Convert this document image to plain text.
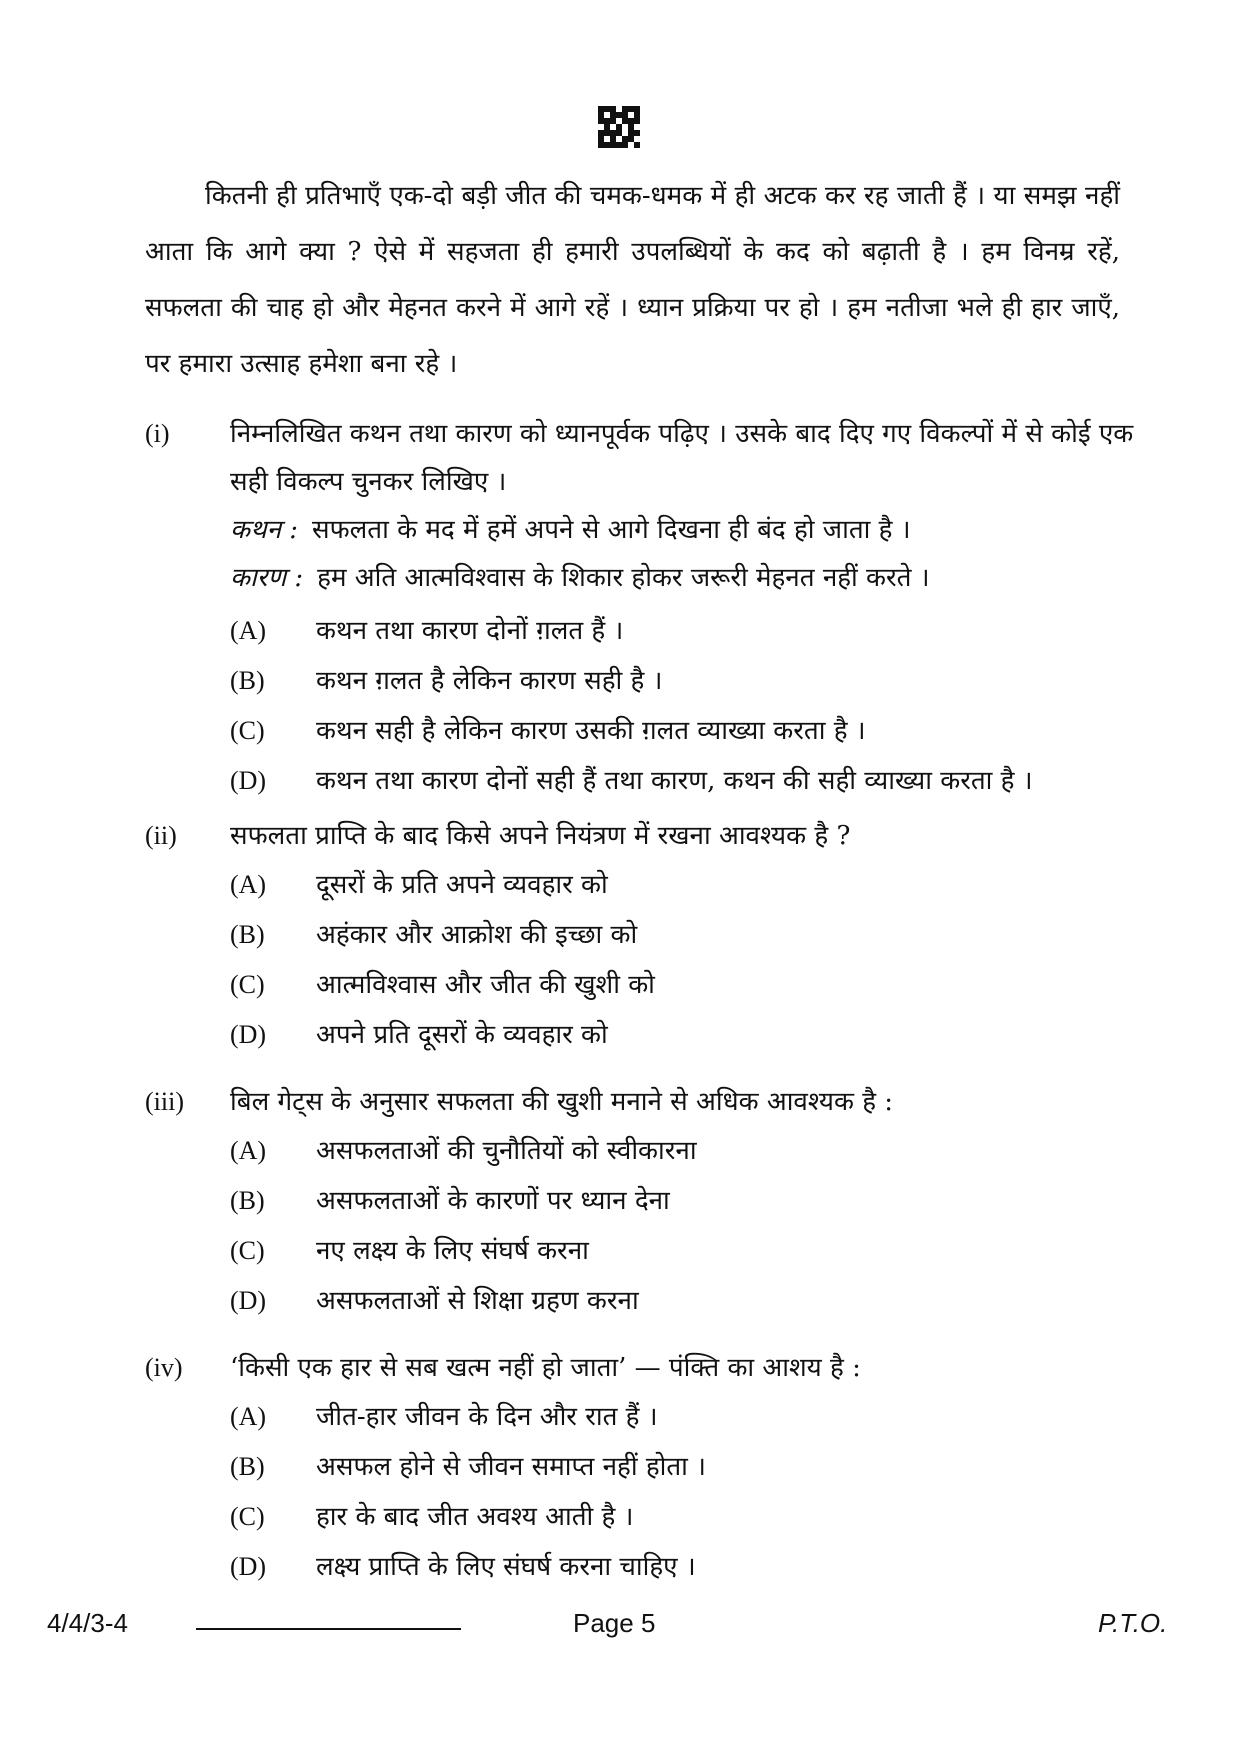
कितनी ही प्रतिभाएँ एक-दो बड़ी जीत की चमक-धमक में ही अटक कर रह जाती हैं । या समझ नहीं आता कि आगे क्या ? ऐसे में सहजता ही हमारी उपलब्धियों के कद को बढ़ाती है । हम विनम्र रहें, सफलता की चाह हो और मेहनत करने में आगे रहें । ध्यान प्रक्रिया पर हो । हम नतीजा भले ही हार जाएँ, पर हमारा उत्साह हमेशा बना रहे ।

(i)	निम्नलिखित कथन तथा कारण को ध्यानपूर्वक पढ़िए । उसके बाद दिए गए विकल्पों में से कोई एक सही विकल्प चुनकर लिखिए ।
कथन : सफलता के मद में हमें अपने से आगे दिखना ही बंद हो जाता है ।
कारण : हम अति आत्मविश्वास के शिकार होकर जरूरी मेहनत नहीं करते ।
(A) कथन तथा कारण दोनों ग़लत हैं ।
(B) कथन ग़लत है लेकिन कारण सही है ।
(C) कथन सही है लेकिन कारण उसकी ग़लत व्याख्या करता है ।
(D) कथन तथा कारण दोनों सही हैं तथा कारण, कथन की सही व्याख्या करता है ।
(ii)	सफलता प्राप्ति के बाद किसे अपने नियंत्रण में रखना आवश्यक है ?
(A) दूसरों के प्रति अपने व्यवहार को
(B) अहंकार और आक्रोश की इच्छा को
(C) आत्मविश्वास और जीत की खुशी को
(D) अपने प्रति दूसरों के व्यवहार को
(iii)	बिल गेट्स के अनुसार सफलता की खुशी मनाने से अधिक आवश्यक है :
(A) असफलताओं की चुनौतियों को स्वीकारना
(B) असफलताओं के कारणों पर ध्यान देना
(C) नए लक्ष्य के लिए संघर्ष करना
(D) असफलताओं से शिक्षा ग्रहण करना
(iv)	‘किसी एक हार से सब खत्म नहीं हो जाता’ — पंक्ति का आशय है :
(A) जीत-हार जीवन के दिन और रात हैं ।
(B) असफल होने से जीवन समाप्त नहीं होता ।
(C) हार के बाद जीत अवश्य आती है ।
(D) लक्ष्य प्राप्ति के लिए संघर्ष करना चाहिए ।
4/4/3-4	Page 5	P.T.O.
